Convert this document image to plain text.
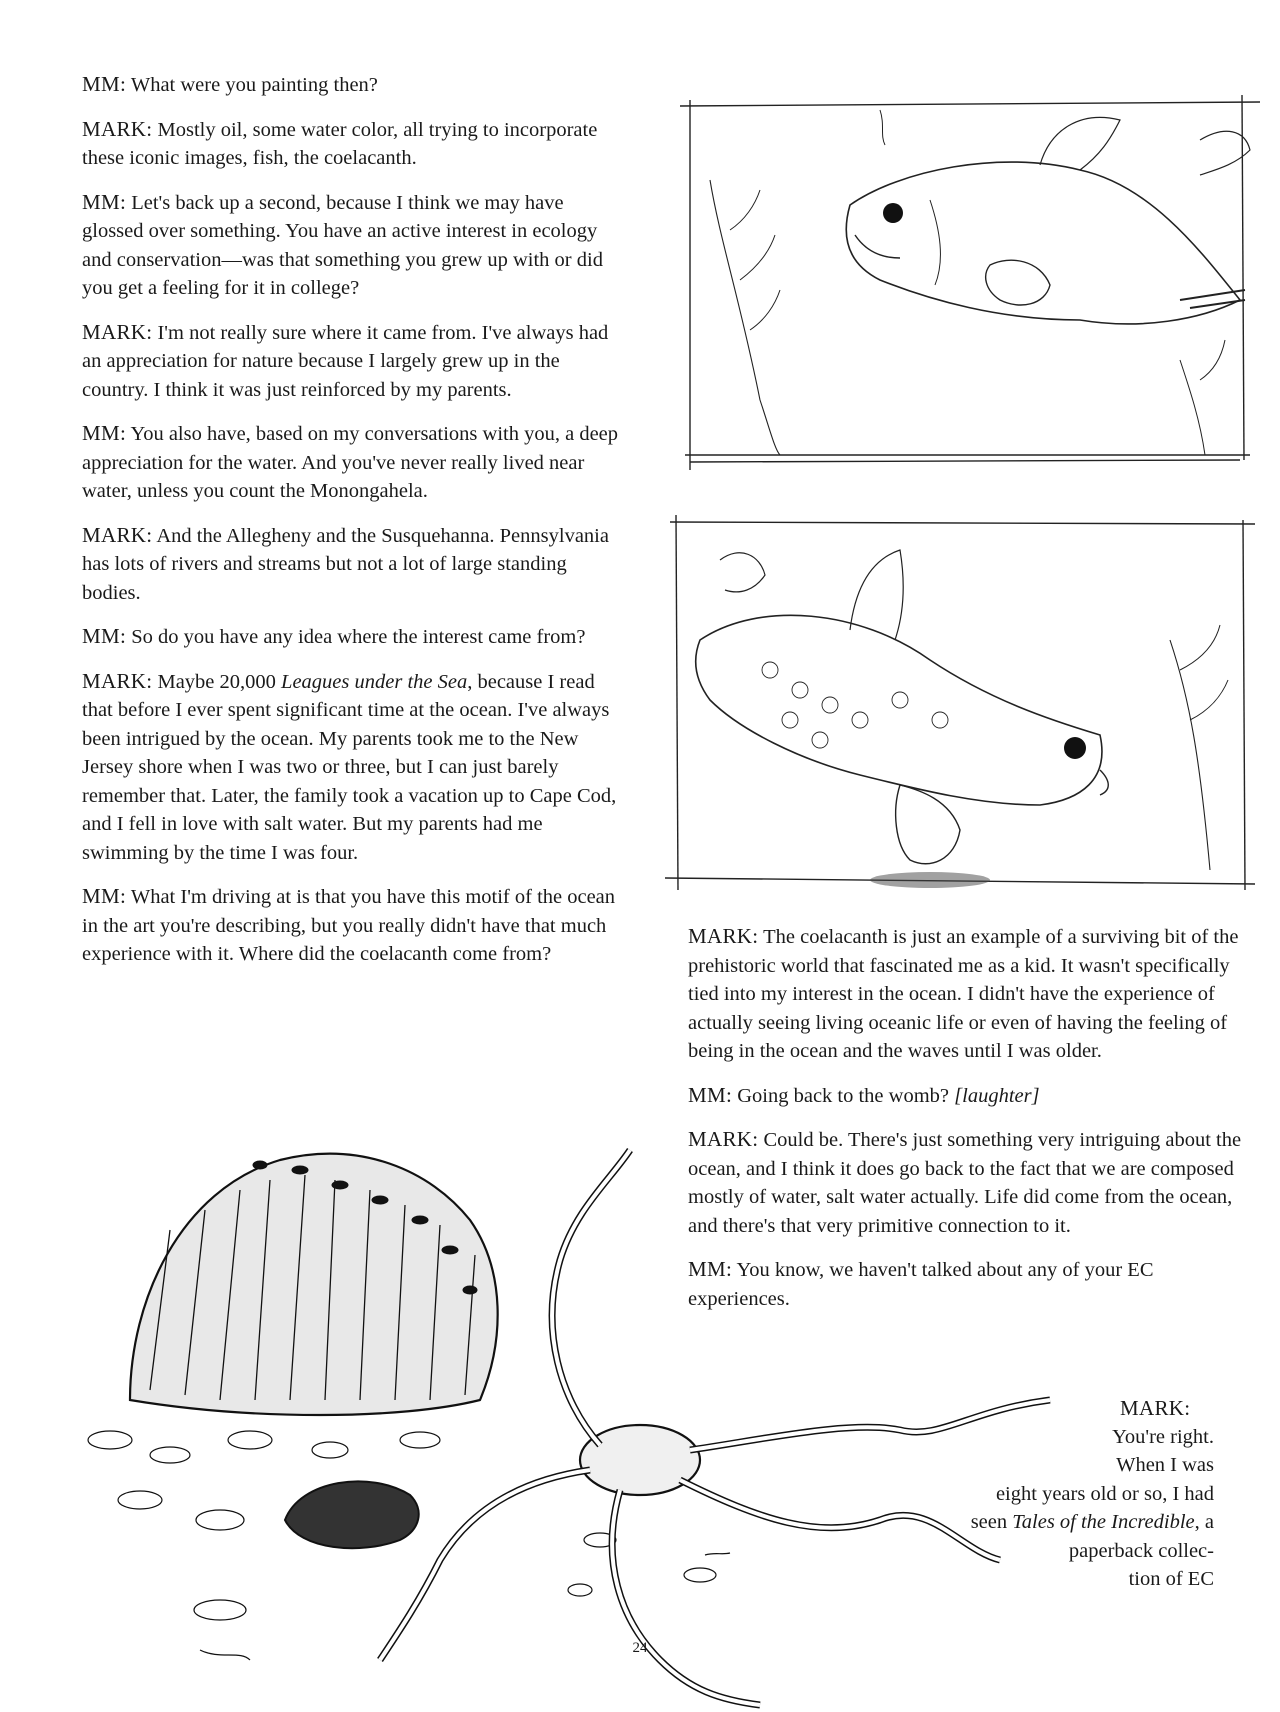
MM: What were you painting then?

MARK: Mostly oil, some water color, all trying to incorporate these iconic images, fish, the coelacanth.

MM: Let's back up a second, because I think we may have glossed over something. You have an active interest in ecology and conservation—was that something you grew up with or did you get a feeling for it in college?

MARK: I'm not really sure where it came from. I've always had an appreciation for nature because I largely grew up in the country. I think it was just reinforced by my parents.

MM: You also have, based on my conversations with you, a deep appreciation for the water. And you've never really lived near water, unless you count the Monongahela.

MARK: And the Allegheny and the Susquehanna. Pennsylvania has lots of rivers and streams but not a lot of large standing bodies.

MM: So do you have any idea where the interest came from?

MARK: Maybe 20,000 Leagues under the Sea, because I read that before I ever spent significant time at the ocean. I've always been intrigued by the ocean. My parents took me to the New Jersey shore when I was two or three, but I can just barely remember that. Later, the family took a vacation up to Cape Cod, and I fell in love with salt water. But my parents had me swimming by the time I was four.

MM: What I'm driving at is that you have this motif of the ocean in the art you're describing, but you really didn't have that much experience with it. Where did the coelacanth come from?

MARK: The coelacanth is just an example of a surviving bit of the prehistoric world that fascinated me as a kid. It wasn't specifically tied into my interest in the ocean. I didn't have the experience of actually seeing living oceanic life or even of having the feeling of being in the ocean and the waves until I was older.

MM: Going back to the womb? [laughter]

MARK: Could be. There's just something very intriguing about the ocean, and I think it does go back to the fact that we are composed mostly of water, salt water actually. Life did come from the ocean, and there's that very primitive connection to it.

MM: You know, we haven't talked about any of your EC experiences.

MARK:
You're right.
When I was
eight years old or so, I had
seen Tales of the Incredible, a
paperback collec-
tion of EC
24
